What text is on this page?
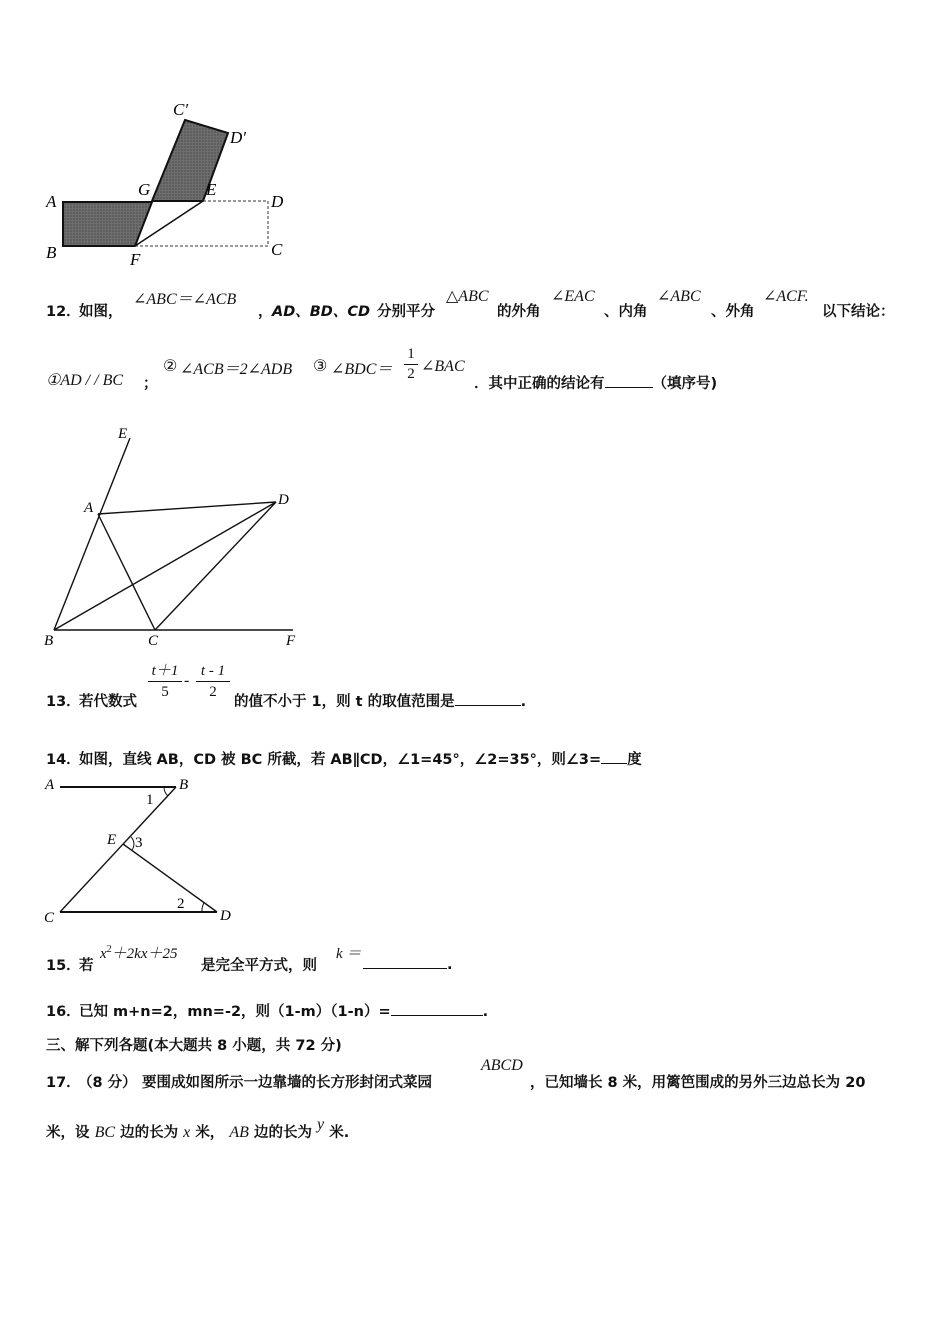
A
B	F
C
D
G	E
C′
D′
12．
如图，
∠ABC＝∠ACB
， AD、BD、CD 分别平分
△ABC
的外角
∠EAC
、内角
∠ABC
、外角
∠ACF.
以下结论：
①AD / / BC ；
② ∠ACB＝2∠ADB ③ ∠BDC＝
1
2 ∠BAC
．其中正确的结论有	（填序号)
E
A	D
B	C	F
13．
若代数式
t＋1
5
-
t - 1
2
的值不小于 1，则 t 的取值范围是	.
14．
如图，直线 AB，CD 被 BC 所截，若 AB∥CD，∠1=45°，∠2=35°，则∠3= 度
A	B
E
C	D
1
3
2
15．
若
$x^2+2kx+25$
是完全平方式，则
k ＝
.
16．
已知 m+n=2，mn=-2，则（1-m）（1-n）=	.
三、解下列各题(本大题共 8 小题，共 72 分)
17．
（8 分） 要围成如图所示一边靠墙的长方形封闭式菜园
ABCD
，已知墙长 8 米，用篱笆围成的另外三边总长为 20
米，设 BC 边的长为 x 米， AB 边的长为 y 米.
